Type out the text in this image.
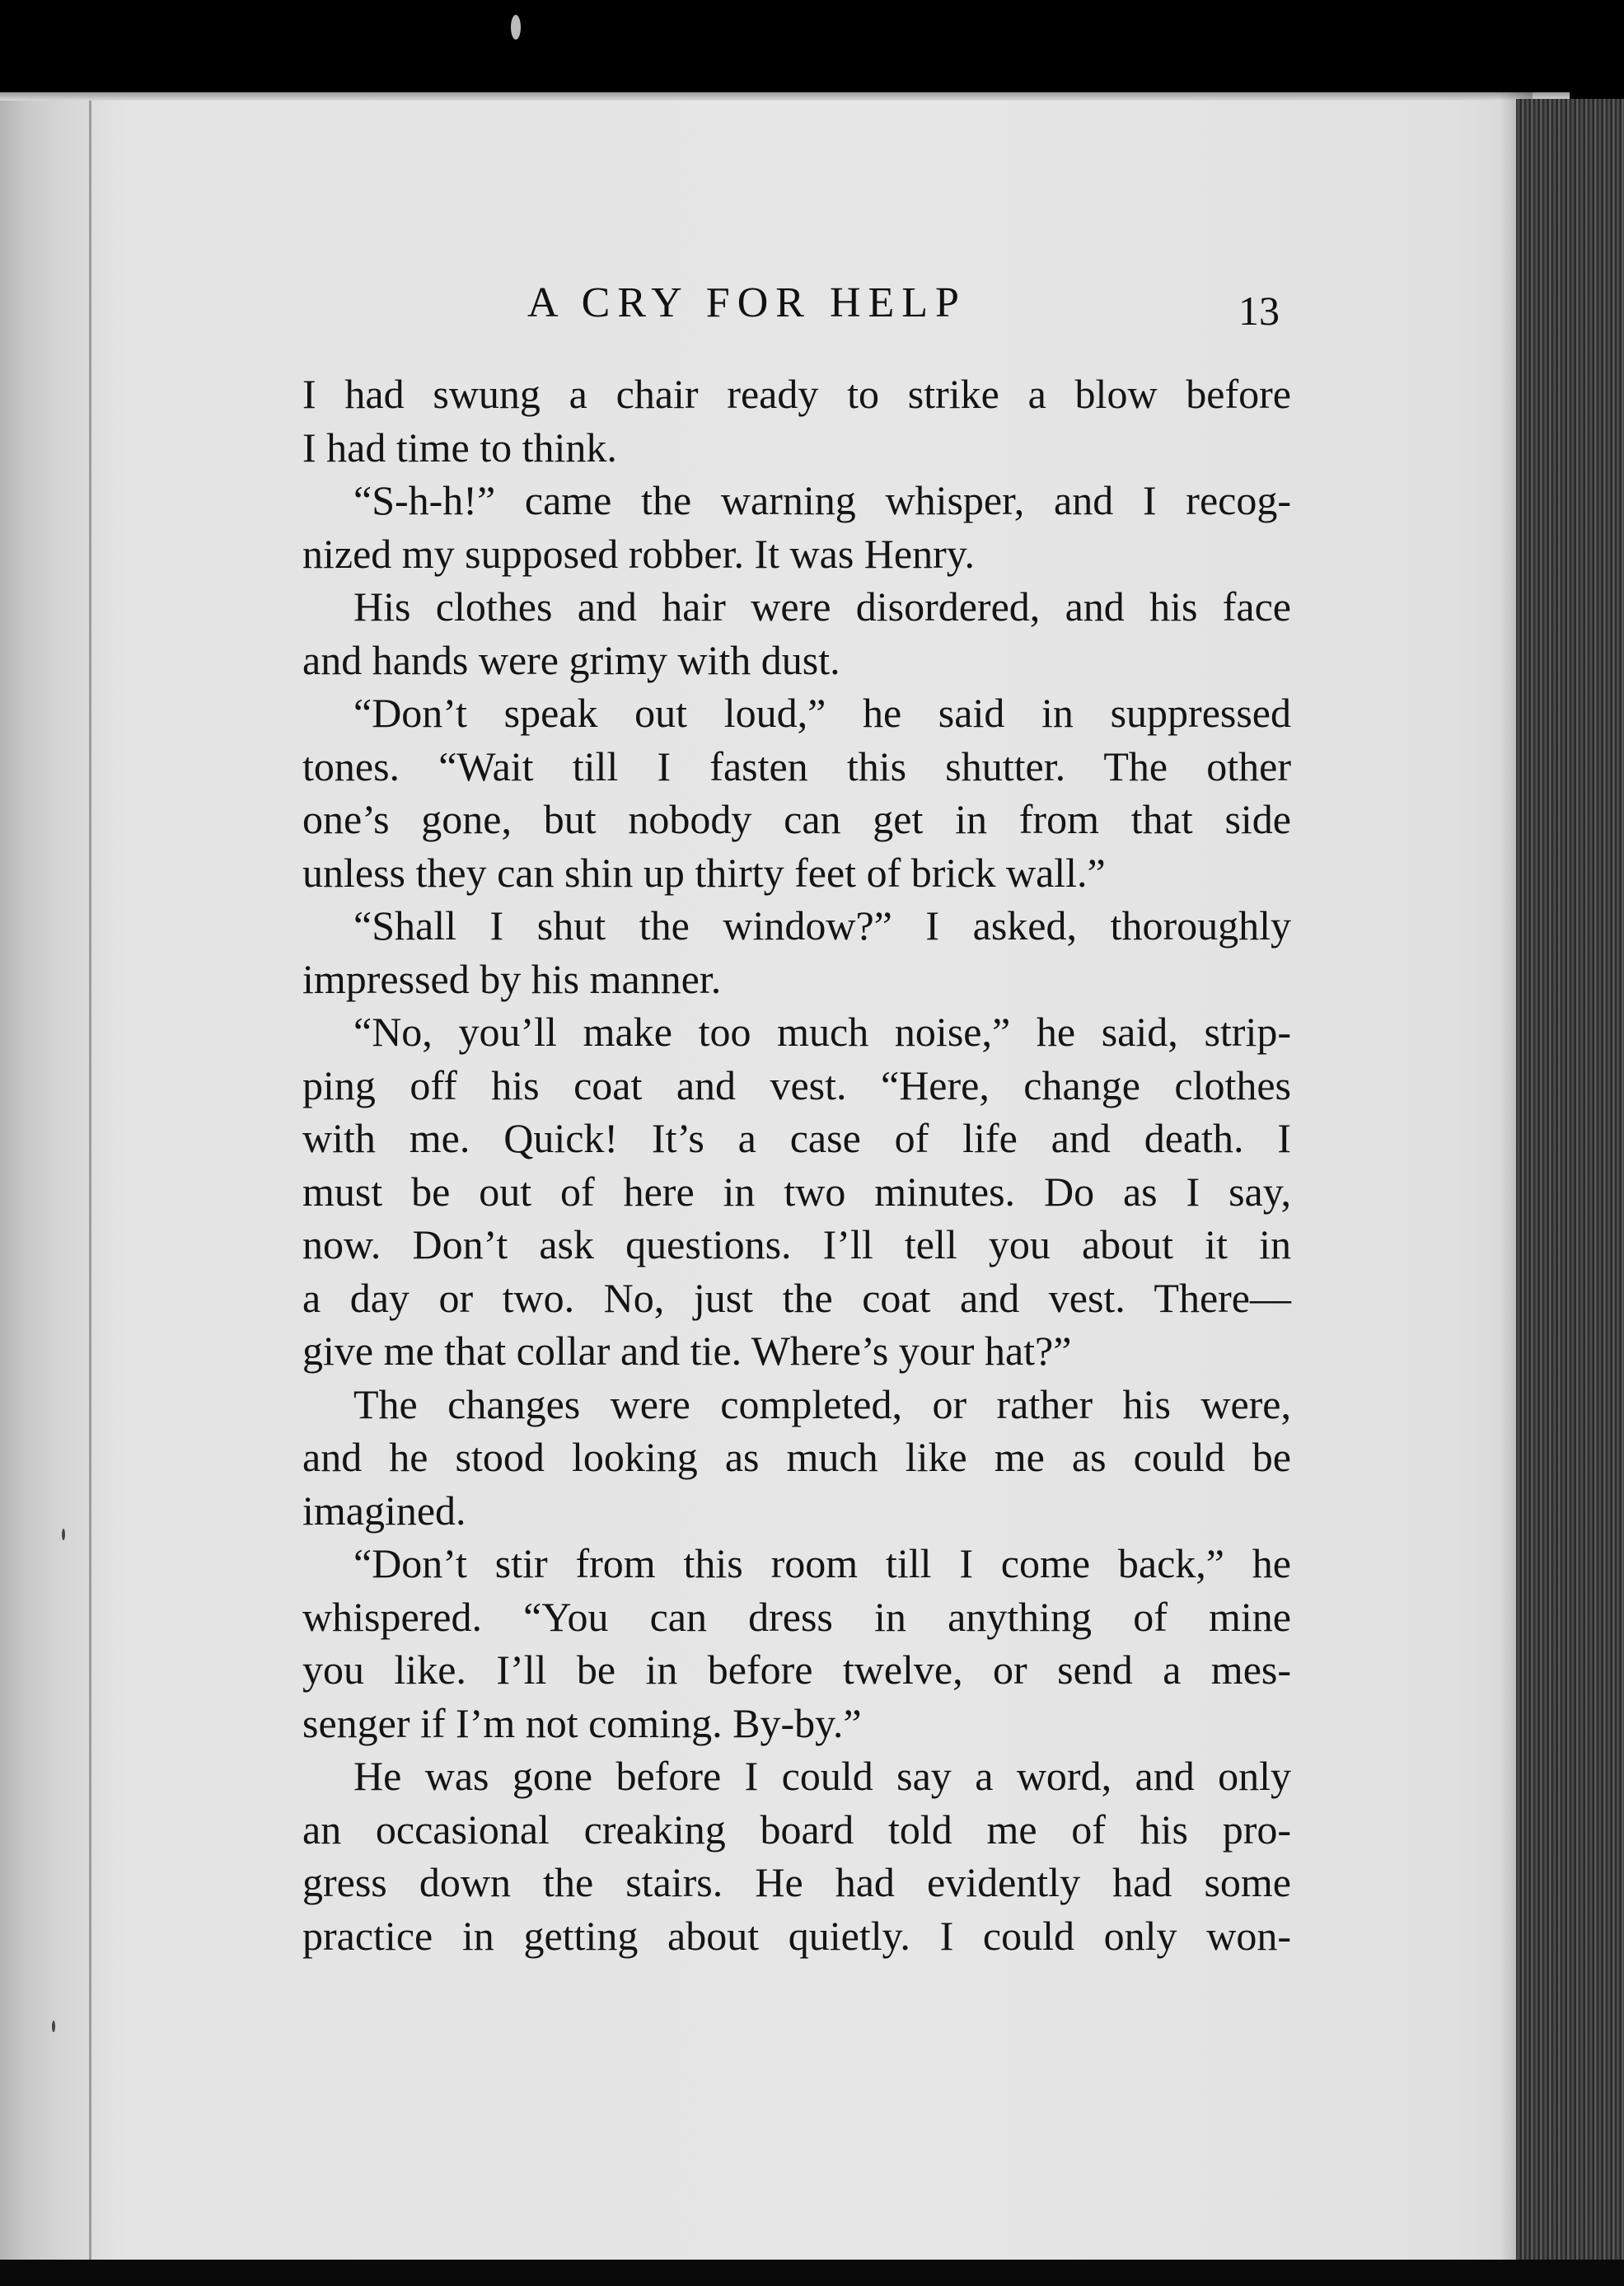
A CRY FOR HELP	13
I had swung a chair ready to strike a blow before
I had time to think.
“S-h-h!” came the warning whisper, and I recog-
nized my supposed robber. It was Henry.
His clothes and hair were disordered, and his face
and hands were grimy with dust.
“Don’t speak out loud,” he said in suppressed
tones. “Wait till I fasten this shutter. The other
one’s gone, but nobody can get in from that side
unless they can shin up thirty feet of brick wall.”
“Shall I shut the window?” I asked, thoroughly
impressed by his manner.
“No, you’ll make too much noise,” he said, strip-
ping off his coat and vest. “Here, change clothes
with me. Quick! It’s a case of life and death. I
must be out of here in two minutes. Do as I say,
now. Don’t ask questions. I’ll tell you about it in
a day or two. No, just the coat and vest. There—
give me that collar and tie. Where’s your hat?”
The changes were completed, or rather his were,
and he stood looking as much like me as could be
imagined.
“Don’t stir from this room till I come back,” he
whispered. “You can dress in anything of mine
you like. I’ll be in before twelve, or send a mes-
senger if I’m not coming. By-by.”
He was gone before I could say a word, and only
an occasional creaking board told me of his pro-
gress down the stairs. He had evidently had some
practice in getting about quietly. I could only won-
